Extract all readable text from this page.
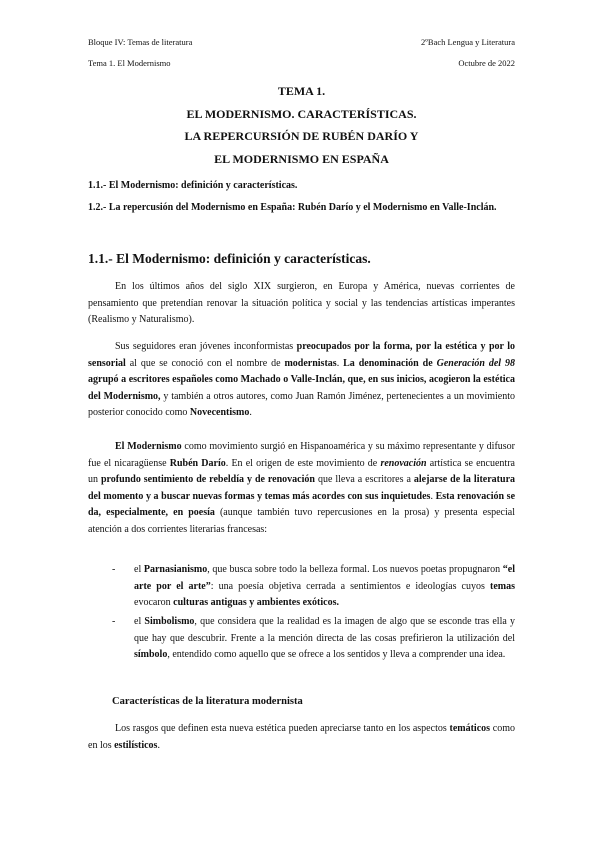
Bloque IV: Temas de literatura	2ºBach Lengua y Literatura
Tema 1. El Modernismo	Octubre de 2022
TEMA 1.
EL MODERNISMO. CARACTERÍSTICAS.
LA REPERCURSIÓN DE RUBÉN DARÍO Y
EL MODERNISMO EN ESPAÑA
1.1.- El Modernismo: definición y características.
1.2.- La repercusión del Modernismo en España: Rubén Darío y el Modernismo en Valle-Inclán.
1.1.- El Modernismo: definición y características.
En los últimos años del siglo XIX surgieron, en Europa y América, nuevas corrientes de pensamiento que pretendían renovar la situación política y social y las tendencias artísticas imperantes (Realismo y Naturalismo).
Sus seguidores eran jóvenes inconformistas preocupados por la forma, por la estética y por lo sensorial al que se conoció con el nombre de modernistas. La denominación de Generación del 98 agrupó a escritores españoles como Machado o Valle-Inclán, que, en sus inicios, acogieron la estética del Modernismo, y también a otros autores, como Juan Ramón Jiménez, pertenecientes a un movimiento posterior conocido como Novecentismo.
El Modernismo como movimiento surgió en Hispanoamérica y su máximo representante y difusor fue el nicaragüense Rubén Darío. En el origen de este movimiento de renovación artística se encuentra un profundo sentimiento de rebeldía y de renovación que lleva a escritores a alejarse de la literatura del momento y a buscar nuevas formas y temas más acordes con sus inquietudes. Esta renovación se da, especialmente, en poesía (aunque también tuvo repercusiones en la prosa) y presenta especial atención a dos corrientes literarias francesas:
- el Parnasianismo, que busca sobre todo la belleza formal. Los nuevos poetas propugnaron “el arte por el arte”: una poesía objetiva cerrada a sentimientos e ideologías cuyos temas evocaron culturas antiguas y ambientes exóticos.
- el Simbolismo, que considera que la realidad es la imagen de algo que se esconde tras ella y que hay que descubrir. Frente a la mención directa de las cosas prefirieron la utilización del símbolo, entendido como aquello que se ofrece a los sentidos y lleva a comprender una idea.
Características de la literatura modernista
Los rasgos que definen esta nueva estética pueden apreciarse tanto en los aspectos temáticos como en los estilísticos.
